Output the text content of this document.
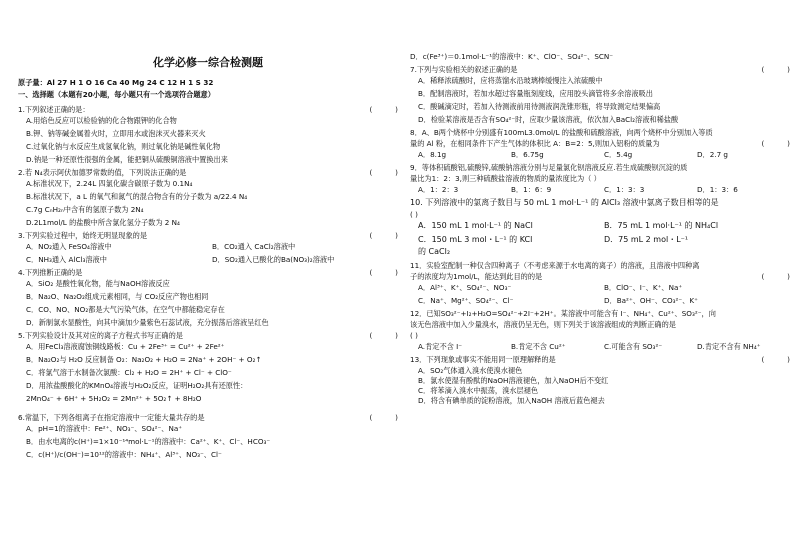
化学必修一综合检测题
原子量：Al 27 H 1 O 16 Ca 40 Mg 24 C 12 H 1 S 32
一、选择题（本题有20小题，每小题只有一个选项符合题意）
1.下列叙述正确的是：	(          )
A.用焰色反应可以检验钠的化合物跟钾的化合物
B.钾、钠等碱金属着火时，立即用水或泡沫灭火器来灭火
C.过氧化钠与水反应生成氢氧化钠，则过氧化钠是碱性氧化物
D.钠是一种还原性很强的金属，能把铜从硫酸铜溶液中置换出来
2.若 N₄表示阿伏加德罗常数的值，下列说法正确的是	(          )
A.标准状况下，2.24L 四氯化碳含碳原子数为 0.1N₄
B.标准状况下，a L 的氧气和氮气的混合物含有的分子数为 a/22.4 N₄
C.7g CₙH₂ₙ中含有的氢原子数为 2N₄
D.2L1mol/L 的盐酸中所含氯化氢分子数为 2 N₄
3.下列实验过程中，始终无明显现象的是	(          )
A．NO₂通入 FeSO₄溶液中	B．CO₂通入 CaCl₂溶液中
C．NH₃通入 AlCl₃溶液中	D．SO₂通入已酸化的Ba(NO₃)₂溶液中
4.下列推断正确的是	(          )
A．SiO₂ 是酸性氧化物，能与NaOH溶液反应
B．Na₂O、Na₂O₂组成元素相同，与 CO₂反应产物也相同
C．CO、NO、NO₂都是大气污染气体，在空气中都能稳定存在
D．新制氯水显酸性，向其中滴加少量紫色石蕊试液，充分振荡后溶液呈红色
5.下列实验设计及其对应的离子方程式书写正确的是	(          )
A．用FeCl₃溶液腐蚀铜线路板：Cu + 2Fe³⁺ = Cu²⁺ + 2Fe²⁺
B．Na₂O₂与 H₂O 反应制备 O₂：Na₂O₂ + H₂O = 2Na⁺ + 2OH⁻ + O₂↑
C．将氯气溶于水制备次氯酸：Cl₂ + H₂O = 2H⁺ + Cl⁻ + ClO⁻
D．用浓盐酸酸化的KMnO₄溶液与H₂O₂反应，证明H₂O₂具有还原性：
2MnO₄⁻ + 6H⁺ + 5H₂O₂ = 2Mn²⁺ + 5O₂↑ + 8H₂O
6.常温下，下列各组离子在指定溶液中一定能大量共存的是	(          )
A．pH=1的溶液中：Fe²⁺、NO₃⁻、SO₄²⁻、Na⁺
B．由水电离的c(H⁺)=1×10⁻¹⁴mol·L⁻¹的溶液中：Ca²⁺、K⁺、Cl⁻、HCO₃⁻
C．c(H⁺)/c(OH⁻)=10¹²的溶液中：NH₄⁺、Al³⁺、NO₃⁻、Cl⁻
D．c(Fe³⁺)＝0.1mol·L⁻¹的溶液中：K⁺、ClO⁻、SO₄²⁻、SCN⁻
7.下列与实验相关的叙述正确的是	(          )
A．稀释浓硫酸时，应将蒸馏水沿玻璃棒缓慢注入浓硫酸中
B．配制溶液时，若加水超过容量瓶刻度线，应用胶头滴管将多余溶液吸出
C．酸碱滴定时，若加入待测液前用待测液润洗锥形瓶，将导致测定结果偏高
D．检验某溶液是否含有SO₄²⁻时，应取少量该溶液，依次加入BaCl₂溶液和稀盐酸
8．A、B两个烧杯中分别盛有100mL3.0mol/L 的盐酸和硫酸溶液，向两个烧杯中分别加入等质
量的 Al 粉，在相同条件下产生气体的体积比 A：B=2：5,则加入铝粉的质量为	(          )
A．8.1g	B．6.75g	C．5.4g	D．2.7 g
9．等体积硫酸铝,硫酸锌,硫酸钠溶液分别与足量氯化钡溶液反应.若生成硫酸钡沉淀的质
量比为1：2：3,则三种硫酸盐溶液的物质的量浓度比为（ ）
A．1：2：3	B．1：6：9	C．1：3：3	D．1：3：6
10. 下列溶液中的氯离子数目与 50 mL 1 mol·L⁻¹ 的 AlCl₃ 溶液中氯离子数目相等的是
( )
A．150 mL 1 mol·L⁻¹ 的 NaCl	B．75 mL 1 mol·L⁻¹ 的 NH₄Cl
C．150 mL 3 mol・L⁻¹ 的 KCl	D．75 mL 2 mol・L⁻¹
的 CaCl₂
11．实验室配制一种仅含四种离子（不考虑来源于水电离的离子）的溶液，且溶液中四种离
子的浓度均为1mol/L，能达到此目的的是	(          )
A．Al³⁺、K⁺、SO₄²⁻、NO₃⁻	B．ClO⁻、I⁻、K⁺、Na⁺
C．Na⁺、Mg²⁺、SO₄²⁻、Cl⁻	D．Ba²⁺、OH⁻、CO₃²⁻、K⁺
12．已知SO₃²⁻+I₂+H₂O=SO₄²⁻+2I⁻+2H⁺。某溶液中可能含有 I⁻、NH₄⁺、Cu²⁺、SO₃²⁻，向
该无色溶液中加入少量溴水，溶液仍呈无色，则下列关于该溶液组成的判断正确的是
( )
A.肯定不含 I⁻	B.肯定不含 Cu²⁺	C.可能含有 SO₃²⁻	D.肯定不含有 NH₄⁺
13．下列现象或事实不能用同一原理解释的是	(          )
A．SO₂气体通入溴水使溴水褪色
B．氯水使湿有酚酞的NaOH溶液褪色，加入NaOH后不变红
C．将苯滴入溴水中振荡，溴水层褪色
D．将含有碘单质的淀粉溶液，加入NaOH 溶液后蓝色褪去
